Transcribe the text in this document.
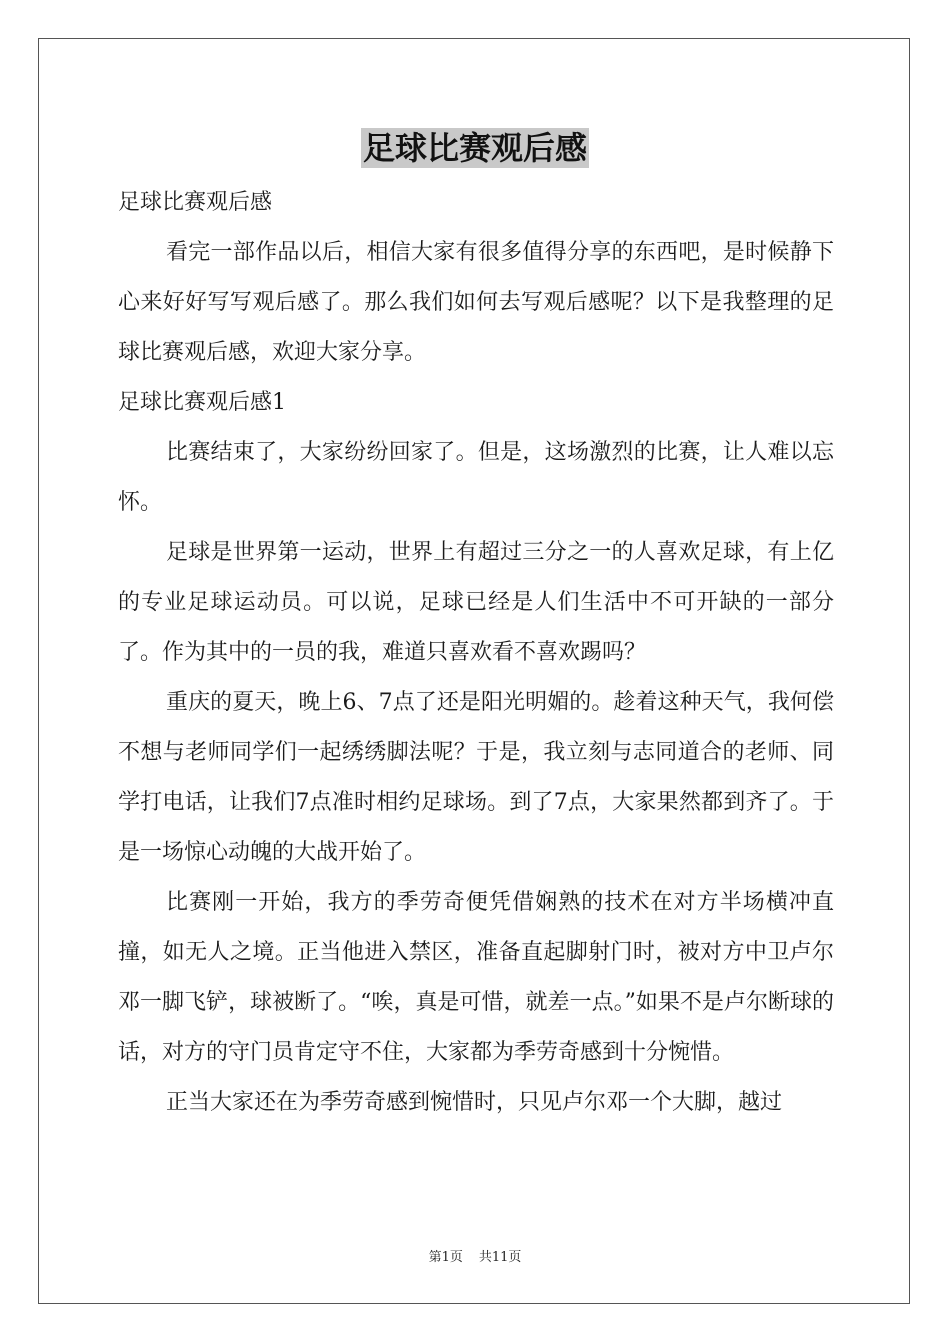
足球比赛观后感

足球比赛观后感

看完一部作品以后，相信大家有很多值得分享的东西吧，是时候静下心来好好写写观后感了。那么我们如何去写观后感呢？以下是我整理的足球比赛观后感，欢迎大家分享。

足球比赛观后感1

比赛结束了，大家纷纷回家了。但是，这场激烈的比赛，让人难以忘怀。

足球是世界第一运动，世界上有超过三分之一的人喜欢足球，有上亿的专业足球运动员。可以说，足球已经是人们生活中不可开缺的一部分了。作为其中的一员的我，难道只喜欢看不喜欢踢吗？

重庆的夏天，晚上6、7点了还是阳光明媚的。趁着这种天气，我何偿不想与老师同学们一起绣绣脚法呢？于是，我立刻与志同道合的老师、同学打电话，让我们7点准时相约足球场。到了7点，大家果然都到齐了。于是一场惊心动魄的大战开始了。

比赛刚一开始，我方的季劳奇便凭借娴熟的技术在对方半场横冲直撞，如无人之境。正当他进入禁区，准备直起脚射门时，被对方中卫卢尔邓一脚飞铲，球被断了。“唉，真是可惜，就差一点。”如果不是卢尔断球的话，对方的守门员肯定守不住，大家都为季劳奇感到十分惋惜。

正当大家还在为季劳奇感到惋惜时，只见卢尔邓一个大脚，越过

第1页 共11页
